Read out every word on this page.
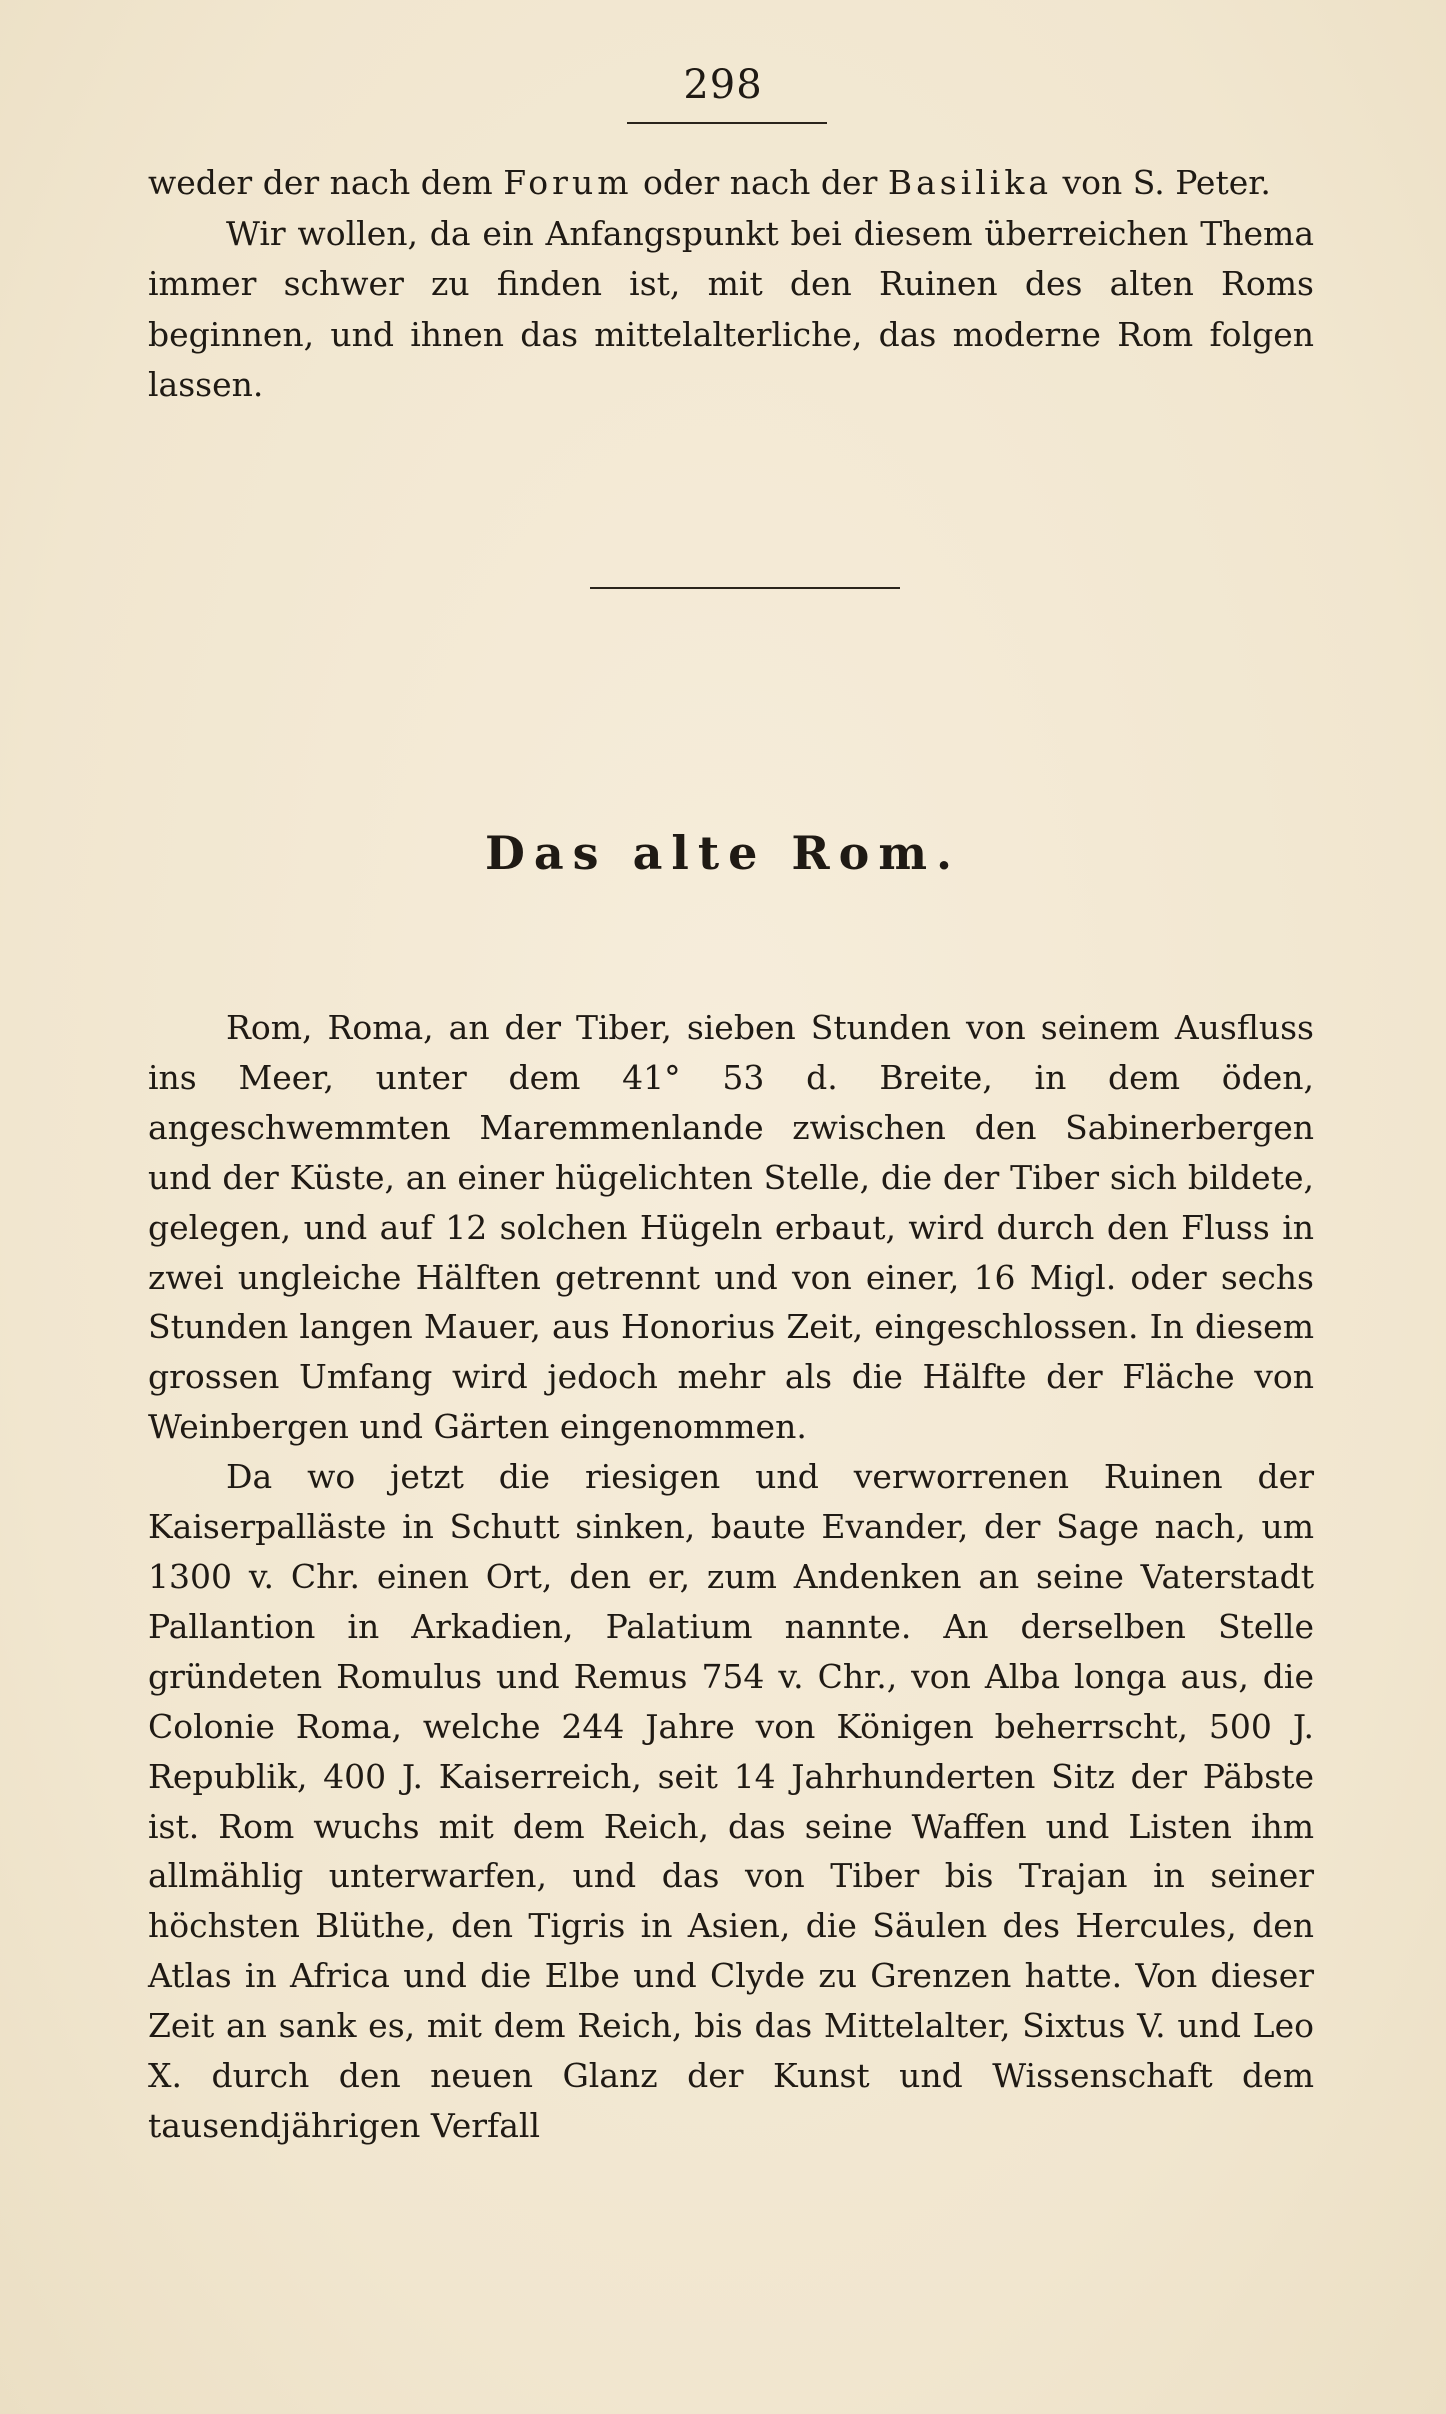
298

weder der nach dem Forum oder nach der Basilika von S. Peter.

Wir wollen, da ein Anfangspunkt bei diesem überreichen Thema immer schwer zu finden ist, mit den Ruinen des alten Roms beginnen, und ihnen das mittelalterliche, das moderne Rom folgen lassen.

Das alte Rom.

Rom, Roma, an der Tiber, sieben Stunden von seinem Ausfluss ins Meer, unter dem 41° 53 d. Breite, in dem öden, angeschwemmten Maremmenlande zwischen den Sabinerbergen und der Küste, an einer hügelichten Stelle, die der Tiber sich bildete, gelegen, und auf 12 solchen Hügeln erbaut, wird durch den Fluss in zwei ungleiche Hälften getrennt und von einer, 16 Migl. oder sechs Stunden langen Mauer, aus Honorius Zeit, eingeschlossen. In diesem grossen Umfang wird jedoch mehr als die Hälfte der Fläche von Weinbergen und Gärten eingenommen.

Da wo jetzt die riesigen und verworrenen Ruinen der Kaiserpalläste in Schutt sinken, baute Evander, der Sage nach, um 1300 v. Chr. einen Ort, den er, zum Andenken an seine Vaterstadt Pallantion in Arkadien, Palatium nannte. An derselben Stelle gründeten Romulus und Remus 754 v. Chr., von Alba longa aus, die Colonie Roma, welche 244 Jahre von Königen beherrscht, 500 J. Republik, 400 J. Kaiserreich, seit 14 Jahrhunderten Sitz der Päbste ist. Rom wuchs mit dem Reich, das seine Waffen und Listen ihm allmählig unterwarfen, und das von Tiber bis Trajan in seiner höchsten Blüthe, den Tigris in Asien, die Säulen des Hercules, den Atlas in Africa und die Elbe und Clyde zu Grenzen hatte. Von dieser Zeit an sank es, mit dem Reich, bis das Mittelalter, Sixtus V. und Leo X. durch den neuen Glanz der Kunst und Wissenschaft dem tausendjährigen Verfall
